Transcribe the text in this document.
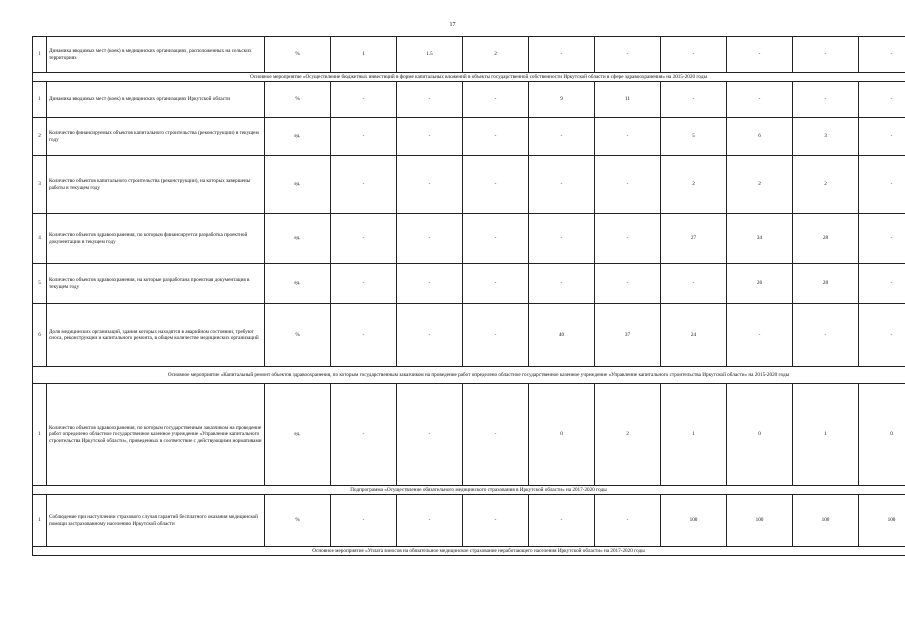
17
1	Динамика вводимых мест (коек) в медицинских организациях, расположенных на сельских территориях	%	1	1.5	2	-	-	-	-	-	-
Основное мероприятие «Осуществление бюджетных инвестиций в форме капитальных вложений в объекты государственной собственности Иркутской области в сфере здравоохранения» на 2015-2020 годы											
1	Динамика вводимых мест (коек) в медицинских организациях Иркутской области	%	-	-	-	9	11	-	-	-	-
2	Количество финансируемых объектов капитального строительства (реконструкции) в текущем году	ед.	-	-	-	-	-	5	6	3	-
3	Количество объектов капитального строительства (реконструкции), на которых завершены работы в текущем году	ед.	-	-	-	-	-	2	2	2	-
4	Количество объектов здравоохранения, по которым финансируется разработка проектной документации в текущем году	ед.	-	-	-	-	-	27	34	28	-
5	Количество объектов здравоохранения, на которые разработана проектная документация в текущем году	ед.	-	-	-	-	-	-	26	28	-
6	Доля медицинских организаций, здания которых находятся в аварийном состоянии, требуют сноса, реконструкции и капитального ремонта, в общем количестве медицинских организаций	%	-	-	-	40	37	24	-	-	-
Основное мероприятие «Капитальный ремонт объектов здравоохранения, по которым государственным заказчиком на проведение работ определено областное государственное казенное учреждение «Управление капитального строительства Иркутской области» на 2015-2020 годы											
1	Количество объектов здравоохранения, по которым государственным заказчиком на проведение работ определено областное государственное казенное учреждение «Управление капитального строительства Иркутской области», приведенных в соответствие с действующими нормативами	ед.	-	-	-	0	2	1	0	1	0
Подпрограмма «Осуществление обязательного медицинского страхования в Иркутской области» на 2017-2020 годы											
1	Соблюдение при наступлении страхового случая гарантий бесплатного оказания медицинской помощи застрахованному населению Иркутской области	%	-	-	-	-	-	100	100	100	100
Основное мероприятие «Уплата взносов на обязательное медицинское страхование неработающего населения Иркутской области» на 2017-2020 годы											
